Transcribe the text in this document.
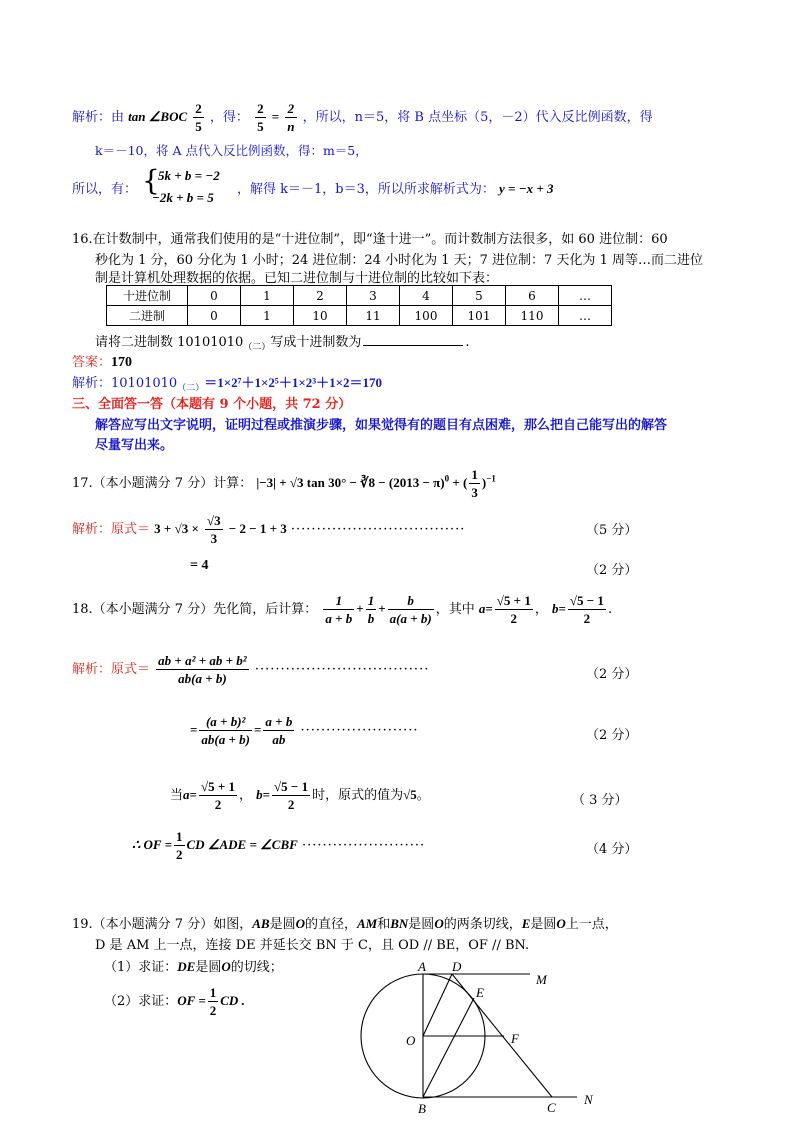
解析：由 tan ∠BOC $\frac{2}{5}$ ，得： $\frac{2}{5} = \frac{2}{n}$ ，所以，n＝5，将 B 点坐标（5，－2）代入反比例函数，得
k＝－10，将 A 点代入反比例函数，得：m＝5，
所以，有： {
5k + b = −2
−2k + b = 5
，解得 k＝－1，b＝3，所以所求解析式为： y = −x + 3
16.在计数制中，通常我们使用的是“十进位制”，即“逢十进一”。而计数制方法很多，如 60 进位制：60
秒化为 1 分，60 分化为 1 小时；24 进位制：24 小时化为 1 天；7 进位制：7 天化为 1 周等…而二进位
制是计算机处理数据的依据。已知二进位制与十进位制的比较如下表：
十进位制	0	1	2	3	4	5	6	…
二进制	0	1	10	11	100	101	110	…
请将二进制数 $10101010_{(二)}$写成十进制数为	.
答案：170
解析：$10101010_{(二)}=1\times 2^7+1\times 2^5+1\times 2^3+1\times 2=170$
三、全面答一答（本题有 9 个小题，共 72 分）
解答应写出文字说明，证明过程或推演步骤，如果觉得有的题目有点困难，那么把自己能写出的解答
尽量写出来。
17.（本小题满分 7 分）计算： |−3| + √3 tan 30° − ∛8 − $(2013 - \pi)^0$ + ( $\frac{1}{3} )^{-1}$
解析：原式＝ $3 + √3 \times \frac{√3}{3} - 2 - 1 + 3$ ··································	（5 分）
= 4	（2 分）
18.（本小题满分 7 分）先化简，后计算： $\frac{1}{a + b} + \frac{1}{b} + \frac{b}{a(a + b)}$ ，其中 $a= \frac{√5 + 1}{2}$ ， $b= \frac{√5 - 1}{2}$ .
解析：原式＝ $\frac{\text{ab + a² + ab + b²}}{ab(a + b)}$ ··································	（2 分）
= $\frac{\text{(a + b)²}}{ab(a + b)} = \frac{a + b}{ab}$ ·······················	（2 分）
当$a= \frac{√5 + 1}{2}$ ， $b= \frac{√5 - 1}{2}$ 时，原式的值为√5。	（ 3 分）
∴ OF = $\frac{1}{2}$ CD ∠ADE = ∠CBF ························	（4 分）
19.（本小题满分 7 分）如图，AB是圆O的直径，AM和BN是圆O的两条切线，E是圆O上一点，
D 是 AM 上一点，连接 DE 并延长交 BN 于 C，且 OD // BE，OF // BN.
（1）求证：DE是圆O的切线；
（2）求证：OF = $\frac{1}{2}$ CD .
A D
M
E
O	F
B	C
N
